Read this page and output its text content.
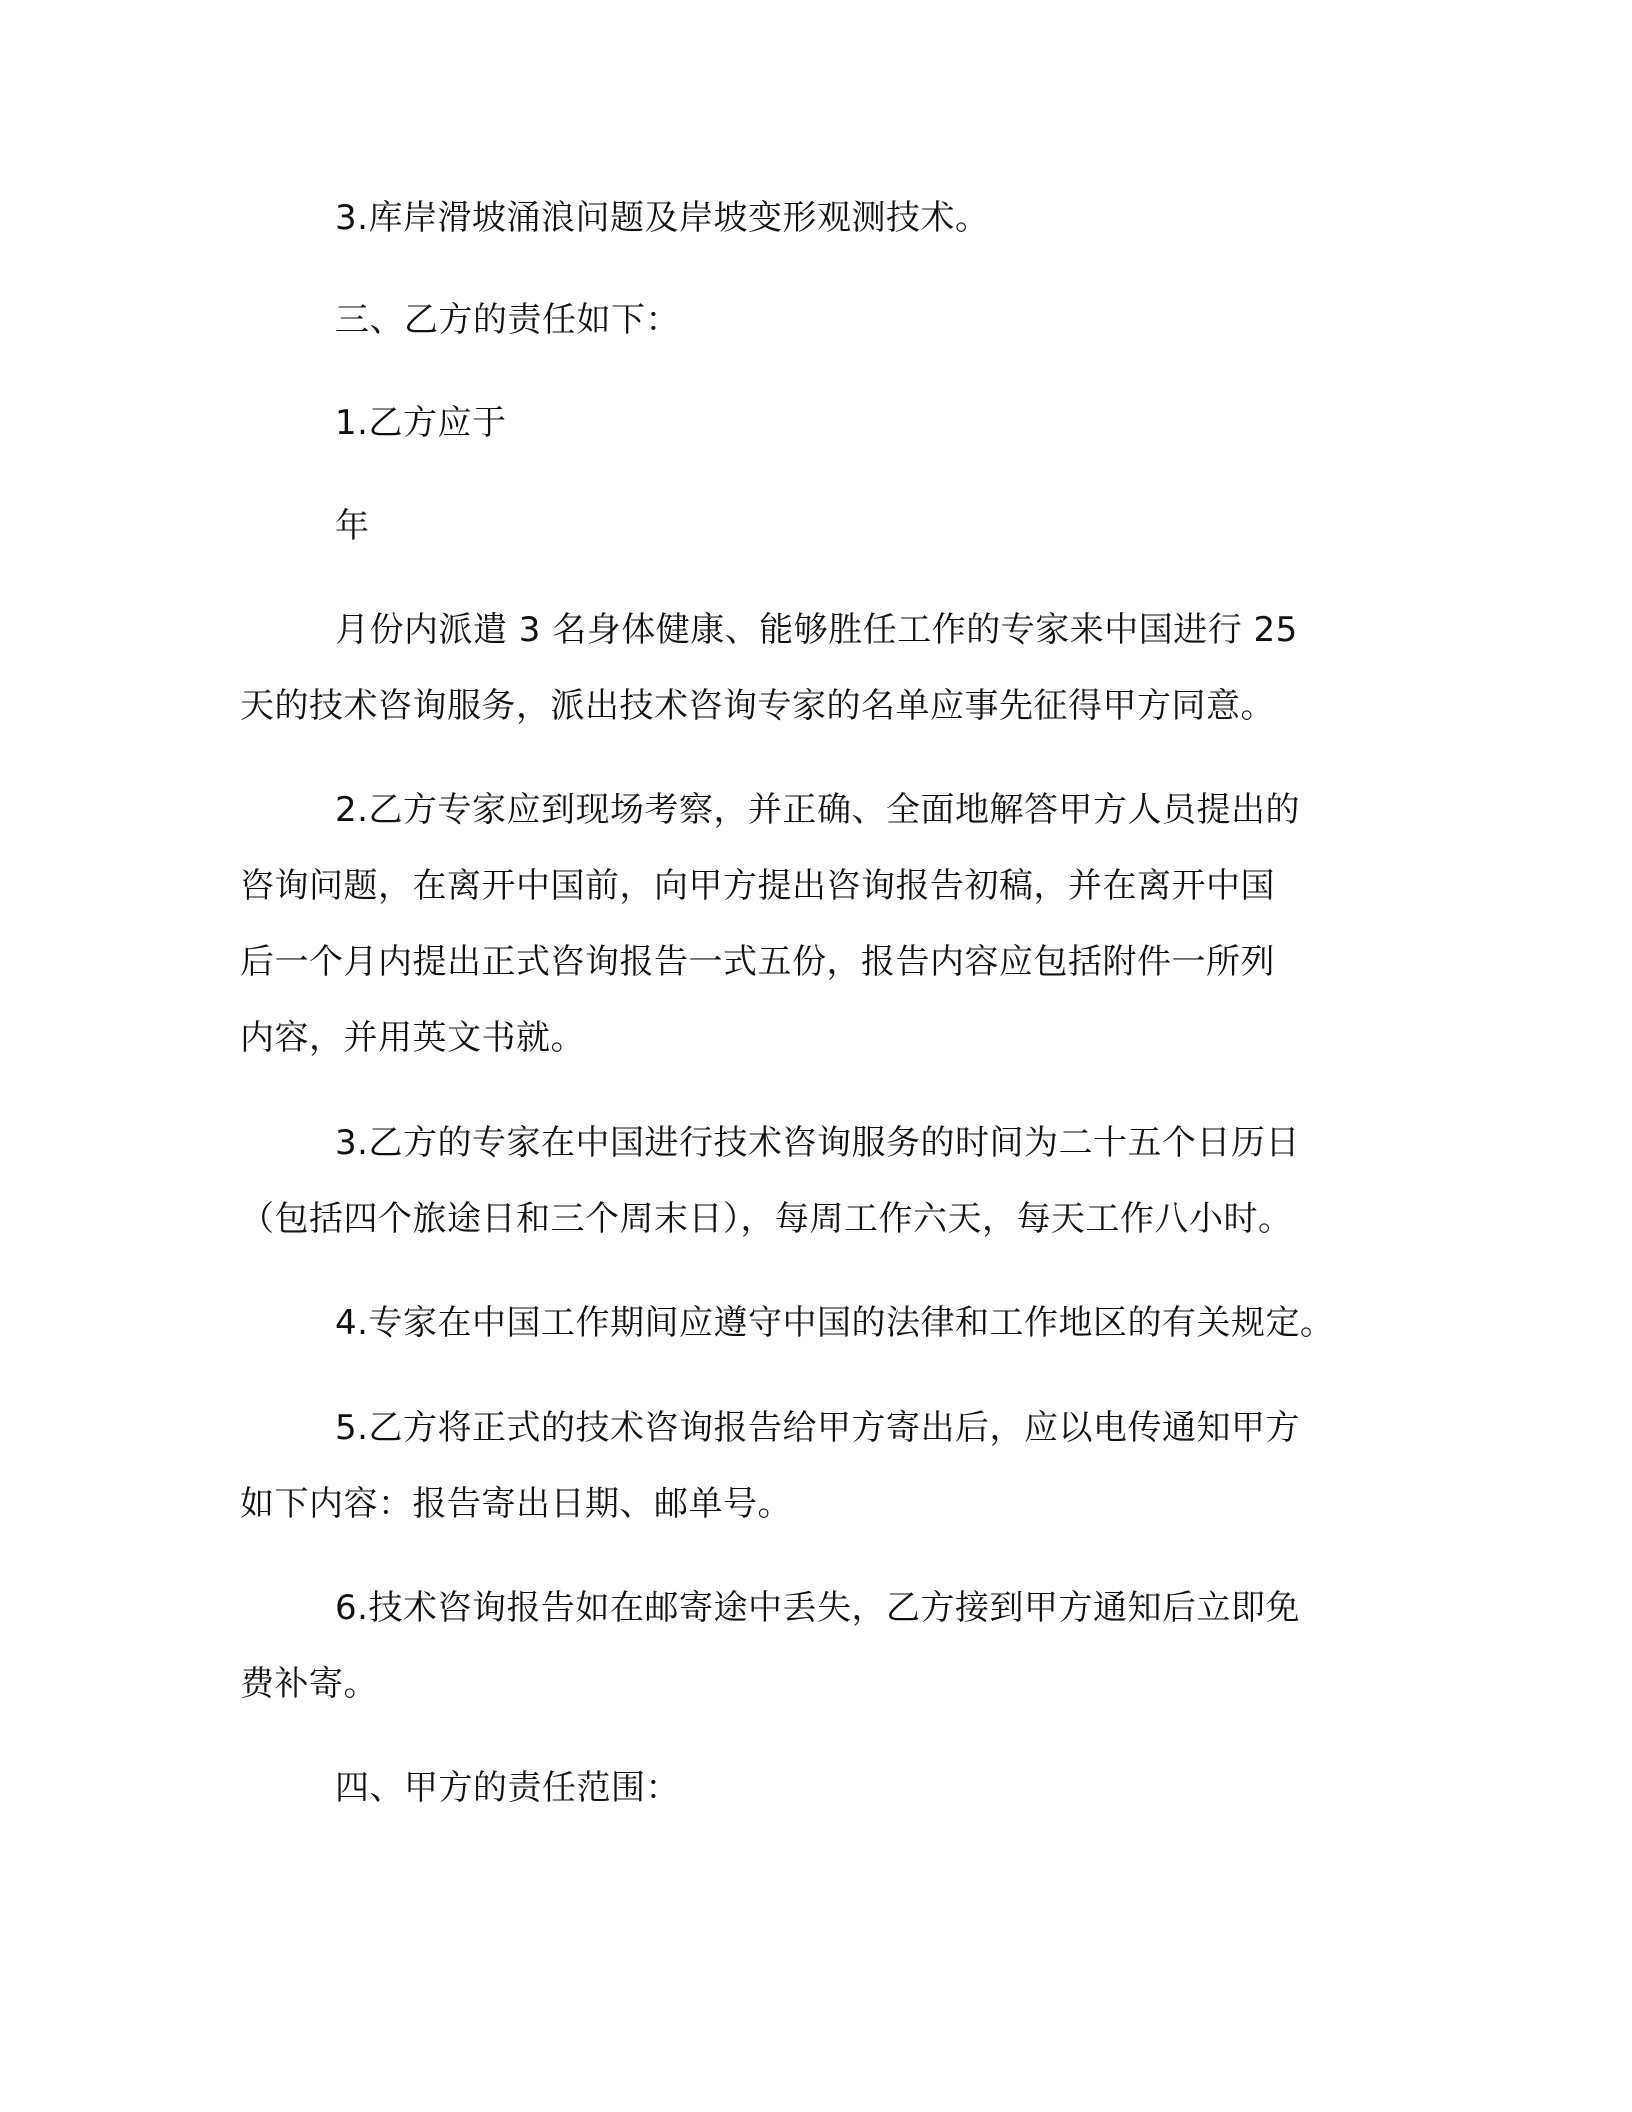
3.库岸滑坡涌浪问题及岸坡变形观测技术。
三、乙方的责任如下：
1.乙方应于
年
月份内派遣 3 名身体健康、能够胜任工作的专家来中国进行 25
天的技术咨询服务，派出技术咨询专家的名单应事先征得甲方同意。
2.乙方专家应到现场考察，并正确、全面地解答甲方人员提出的
咨询问题，在离开中国前，向甲方提出咨询报告初稿，并在离开中国
后一个月内提出正式咨询报告一式五份，报告内容应包括附件一所列
内容，并用英文书就。
3.乙方的专家在中国进行技术咨询服务的时间为二十五个日历日
（包括四个旅途日和三个周末日），每周工作六天，每天工作八小时。
4.专家在中国工作期间应遵守中国的法律和工作地区的有关规定。
5.乙方将正式的技术咨询报告给甲方寄出后，应以电传通知甲方
如下内容：报告寄出日期、邮单号。
6.技术咨询报告如在邮寄途中丢失，乙方接到甲方通知后立即免
费补寄。
四、甲方的责任范围：
